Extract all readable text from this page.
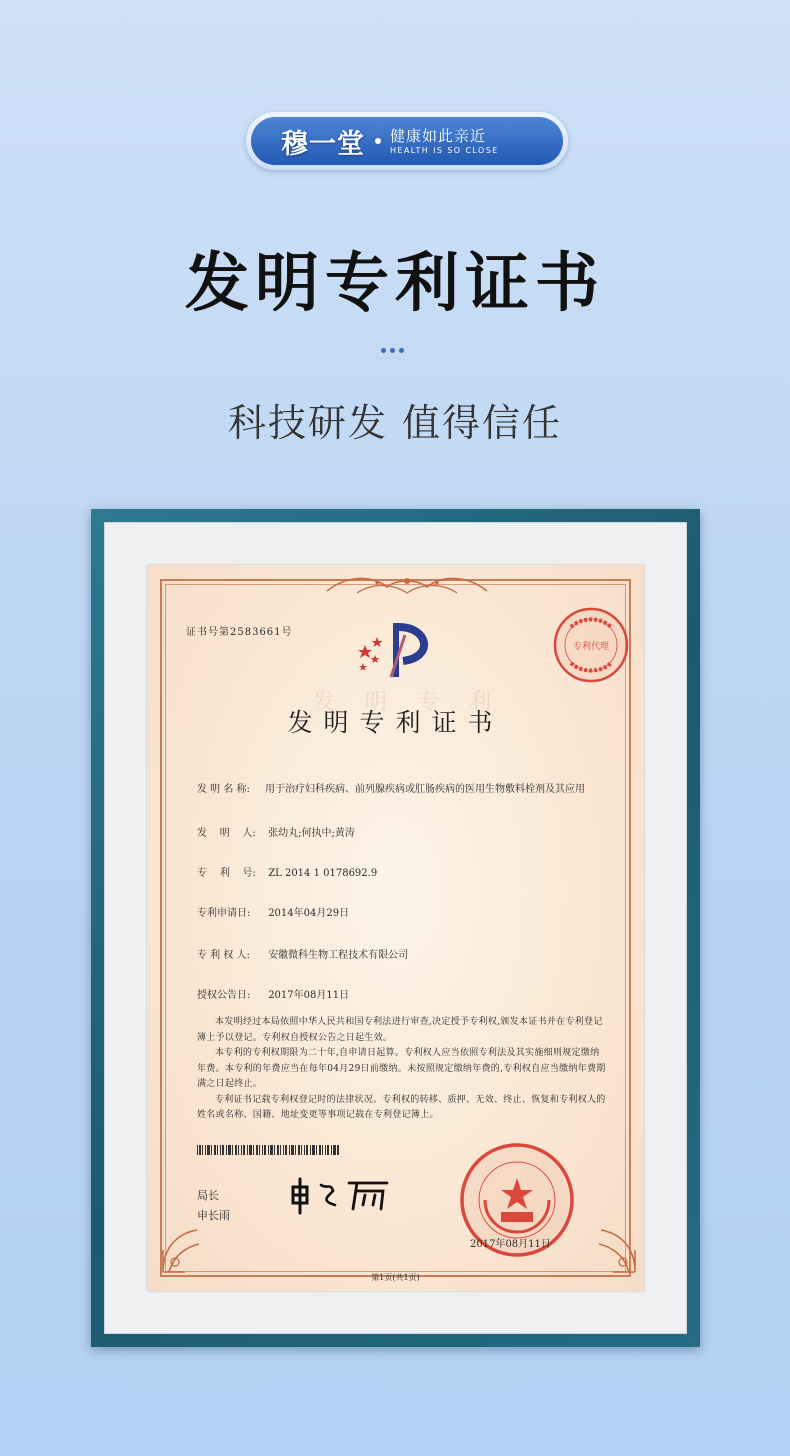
穆一堂 健康如此亲近
HEALTH IS SO CLOSE
发明专利证书
科技研发 值得信任
证书号第2583661号
发明专利
发明专利证书
发 明 名 称:	用于治疗妇科疾病、前列腺疾病或肛肠疾病的医用生物敷料栓剂及其应用
发    明    人: 张幼丸;何执中;黄涛
专    利    号: ZL 2014 1 0178692.9
专利申请日: 2014年04月29日
专 利 权 人: 安徽微科生物工程技术有限公司
授权公告日: 2017年08月11日

本发明经过本局依照中华人民共和国专利法进行审查,决定授予专利权,颁发本证书并在专利登记簿上予以登记。专利权自授权公告之日起生效。

本专利的专利权期限为二十年,自申请日起算。专利权人应当依照专利法及其实施细则规定缴纳年费。本专利的年费应当在每年04月29日前缴纳。未按照规定缴纳年费的,专利权自应当缴纳年费期满之日起终止。

专利证书记载专利权登记时的法律状况。专利权的转移、质押、无效、终止、恢复和专利权人的姓名或名称、国籍、地址变更等事项记载在专利登记簿上。

局长
申长雨
2017年08月11日
专利代理
第1页(共1页)
